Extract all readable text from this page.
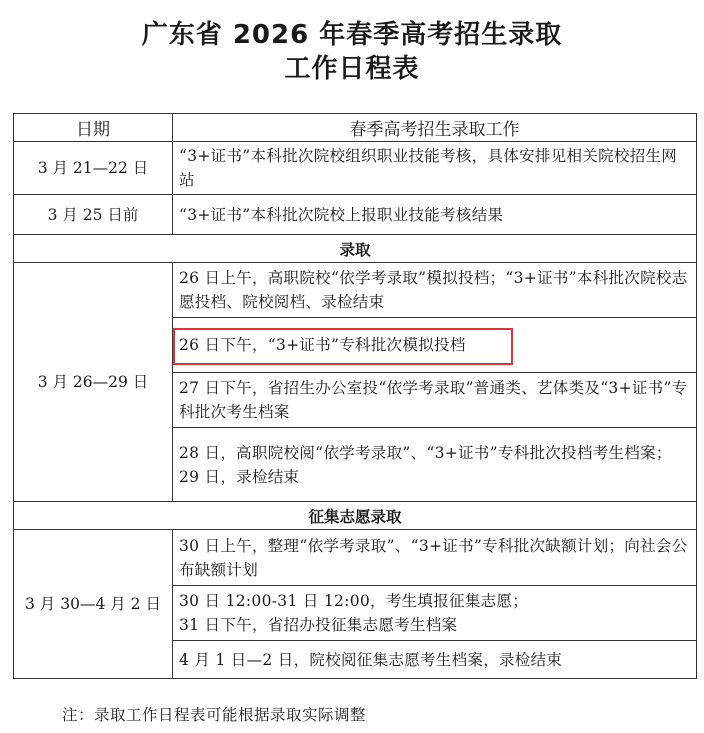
广东省 2026 年春季高考招生录取
工作日程表
日期	春季高考招生录取工作
3 月 21—22 日	“3+证书”本科批次院校组织职业技能考核，具体安排见相关院校招生网站
3 月 25 日前	“3+证书”本科批次院校上报职业技能考核结果
录取	
3 月 26—29 日	26 日上午，高职院校“依学考录取”模拟投档；“3+证书”本科批次院校志愿投档、院校阅档、录检结束
	26 日下午，“3+证书”专科批次模拟投档
	27 日下午，省招生办公室投“依学考录取”普通类、艺体类及“3+证书”专科批次考生档案

	28 日，高职院校阅“依学考录取”、“3+证书”专科批次投档考生档案；
29 日，录检结束

征集志愿录取	
3 月 30—4 月 2 日	30 日上午，整理“依学考录取”、“3+证书”专科批次缺额计划；向社会公布缺额计划

	30 日 12:00-31 日 12:00，考生填报征集志愿；
31 日下午，省招办投征集志愿考生档案

	4 月 1 日—2 日，院校阅征集志愿考生档案，录检结束
注：录取工作日程表可能根据录取实际调整
